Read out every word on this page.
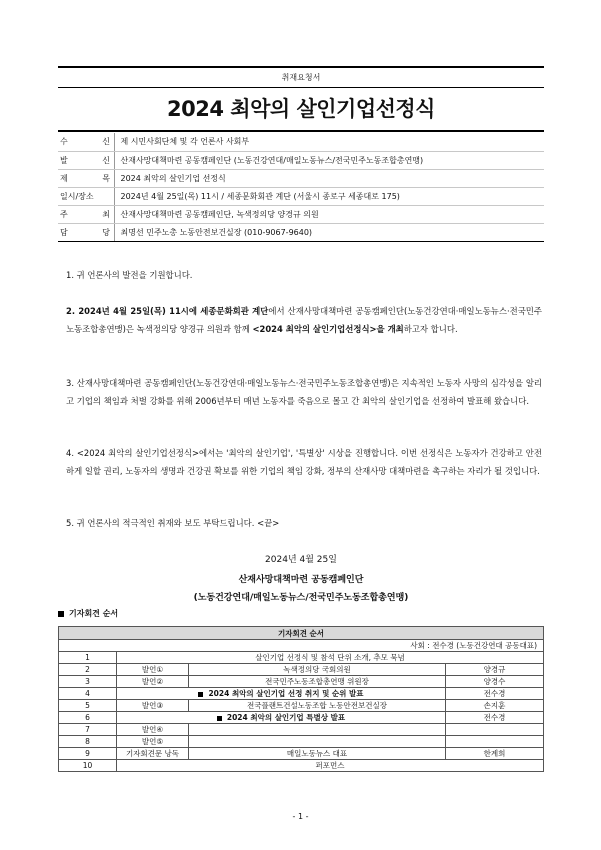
취재요청서
2024 최악의 살인기업선정식
수 신	제 시민사회단체 및 각 언론사 사회부

발 신	산재사망대책마련 공동캠페인단 (노동건강연대/매일노동뉴스/전국민주노동조합총연맹)

제 목	2024 최악의 살인기업 선정식

일시/장소	2024년 4월 25일(목) 11시 / 세종문화회관 계단 (서울시 종로구 세종대로 175)

주 최	산재사망대책마련 공동캠페인단, 녹색정의당 양경규 의원

담 당	최명선 민주노총 노동안전보건실장 (010-9067-9640)
1. 귀 언론사의 발전을 기원합니다.
2. 2024년 4월 25일(목) 11시에 세종문화회관 계단에서 산재사망대책마련 공동캠페인단(노동건강연대·매일노동뉴스·전국민주노동조합총연맹)은 녹색정의당 양경규 의원과 함께 <2024 최악의 살인기업선정식>을 개최하고자 합니다.
3. 산재사망대책마련 공동캠페인단(노동건강연대·매일노동뉴스·전국민주노동조합총연맹)은 지속적인 노동자 사망의 심각성을 알리고 기업의 책임과 처벌 강화를 위해 2006년부터 매년 노동자를 죽음으로 몰고 간 최악의 살인기업을 선정하여 발표해 왔습니다.
4. <2024 최악의 살인기업선정식>에서는 '최악의 살인기업', '특별상' 시상을 진행합니다. 이번 선정식은 노동자가 건강하고 안전하게 일할 권리, 노동자의 생명과 건강권 확보를 위한 기업의 책임 강화, 정부의 산재사망 대책마련을 촉구하는 자리가 될 것입니다.
5. 귀 언론사의 적극적인 취재와 보도 부탁드립니다. <끝>
2024년 4월 25일
산재사망대책마련 공동캠페인단
(노동건강연대/매일노동뉴스/전국민주노동조합총연맹)
기자회견 순서
기자회견 순서			
사회 : 전수경 (노동건강연대 공동대표)			
1	살인기업 선정식 및 참석 단위 소개, 추모 묵념		
2	발언①	녹색정의당 국회의원	양경규
3	발언②	전국민주노동조합총연맹 위원장	양경수
4	2024 최악의 살인기업 선정 취지 및 순위 발표		전수경
5	발언③	전국플랜트건설노동조합 노동안전보건실장	손지훈
6	2024 최악의 살인기업 특별상 발표		전수경
7	발언④		
8	발언⑤		
9	기자회견문 낭독	매일노동뉴스 대표	한계희
10	퍼포먼스		
- 1 -
